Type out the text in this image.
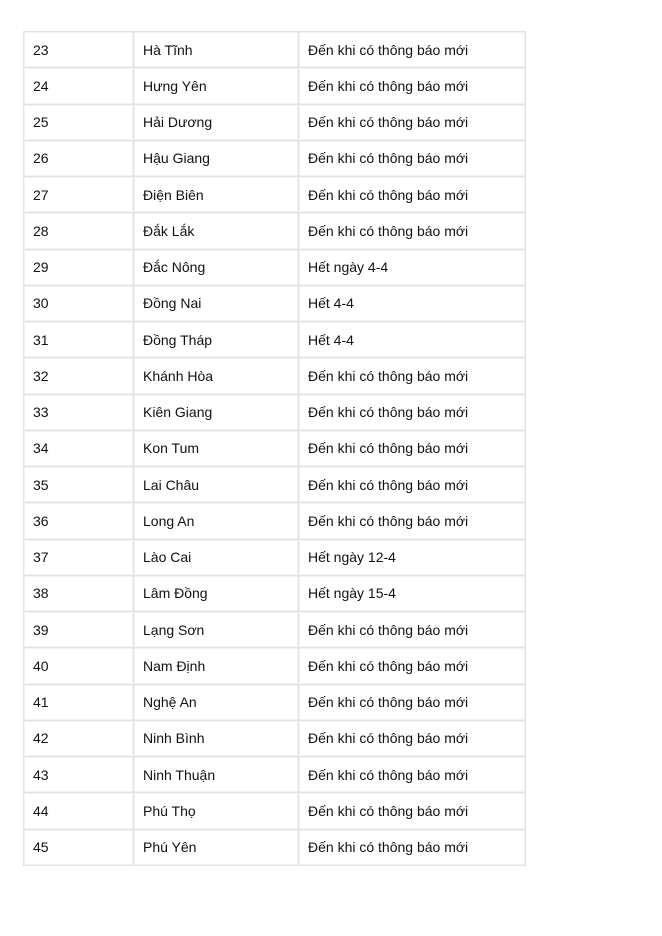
23	Hà Tĩnh	Đến khi có thông báo mới
24	Hưng Yên	Đến khi có thông báo mới
25	Hải Dương	Đến khi có thông báo mới
26	Hậu Giang	Đến khi có thông báo mới
27	Điện Biên	Đến khi có thông báo mới
28	Đắk Lắk	Đến khi có thông báo mới
29	Đắc Nông	Hết ngày 4-4
30	Đồng Nai	Hết 4-4
31	Đồng Tháp	Hết 4-4
32	Khánh Hòa	Đến khi có thông báo mới
33	Kiên Giang	Đến khi có thông báo mới
34	Kon Tum	Đến khi có thông báo mới
35	Lai Châu	Đến khi có thông báo mới
36	Long An	Đến khi có thông báo mới
37	Lào Cai	Hết ngày 12-4
38	Lâm Đồng	Hết ngày 15-4
39	Lạng Sơn	Đến khi có thông báo mới
40	Nam Định	Đến khi có thông báo mới
41	Nghệ An	Đến khi có thông báo mới
42	Ninh Bình	Đến khi có thông báo mới
43	Ninh Thuận	Đến khi có thông báo mới
44	Phú Thọ	Đến khi có thông báo mới
45	Phú Yên	Đến khi có thông báo mới
